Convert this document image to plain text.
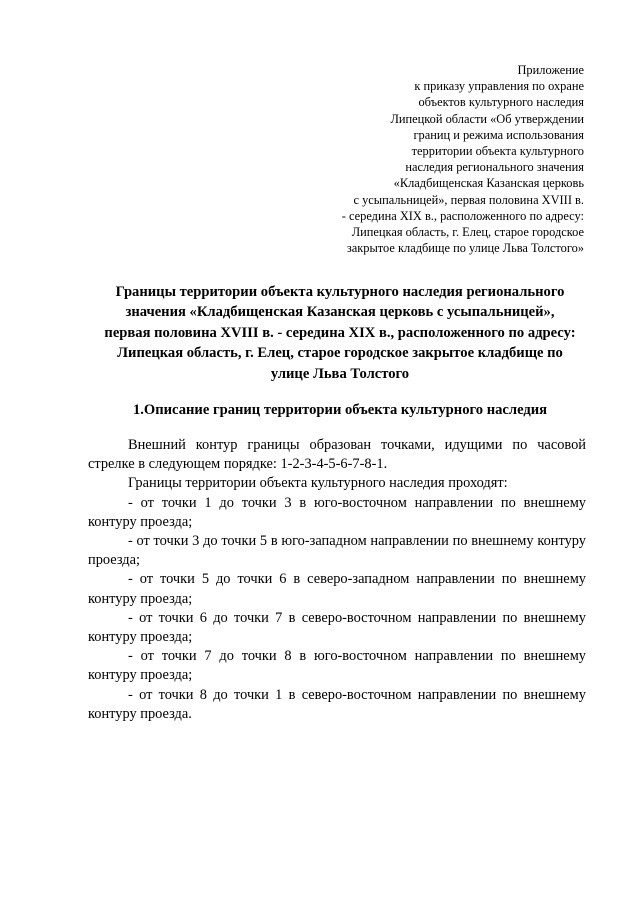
Приложение
к приказу управления по охране
объектов культурного наследия
Липецкой области «Об утверждении
границ и режима использования
территории объекта культурного
наследия регионального значения
«Кладбищенская Казанская церковь
с усыпальницей», первая половина XVIII в.
- середина XIX в., расположенного по адресу:
Липецкая область, г. Елец, старое городское
закрытое кладбище по улице Льва Толстого»
Границы территории объекта культурного наследия регионального
значения «Кладбищенская Казанская церковь с усыпальницей»,
первая половина XVIII в. - середина XIX в., расположенного по адресу:
Липецкая область, г. Елец, старое городское закрытое кладбище по
улице Льва Толстого
1.Описание границ территории объекта культурного наследия

Внешний контур границы образован точками, идущими по часовой стрелке в следующем порядке: 1-2-3-4-5-6-7-8-1.

Границы территории объекта культурного наследия проходят:

- от точки 1 до точки 3 в юго-восточном направлении по внешнему контуру проезда;

- от точки 3 до точки 5 в юго-западном направлении по внешнему контуру проезда;

- от точки 5 до точки 6 в северо-западном направлении по внешнему контуру проезда;

- от точки 6 до точки 7 в северо-восточном направлении по внешнему контуру проезда;

- от точки 7 до точки 8 в юго-восточном направлении по внешнему контуру проезда;

- от точки 8 до точки 1 в северо-восточном направлении по внешнему контуру проезда.
